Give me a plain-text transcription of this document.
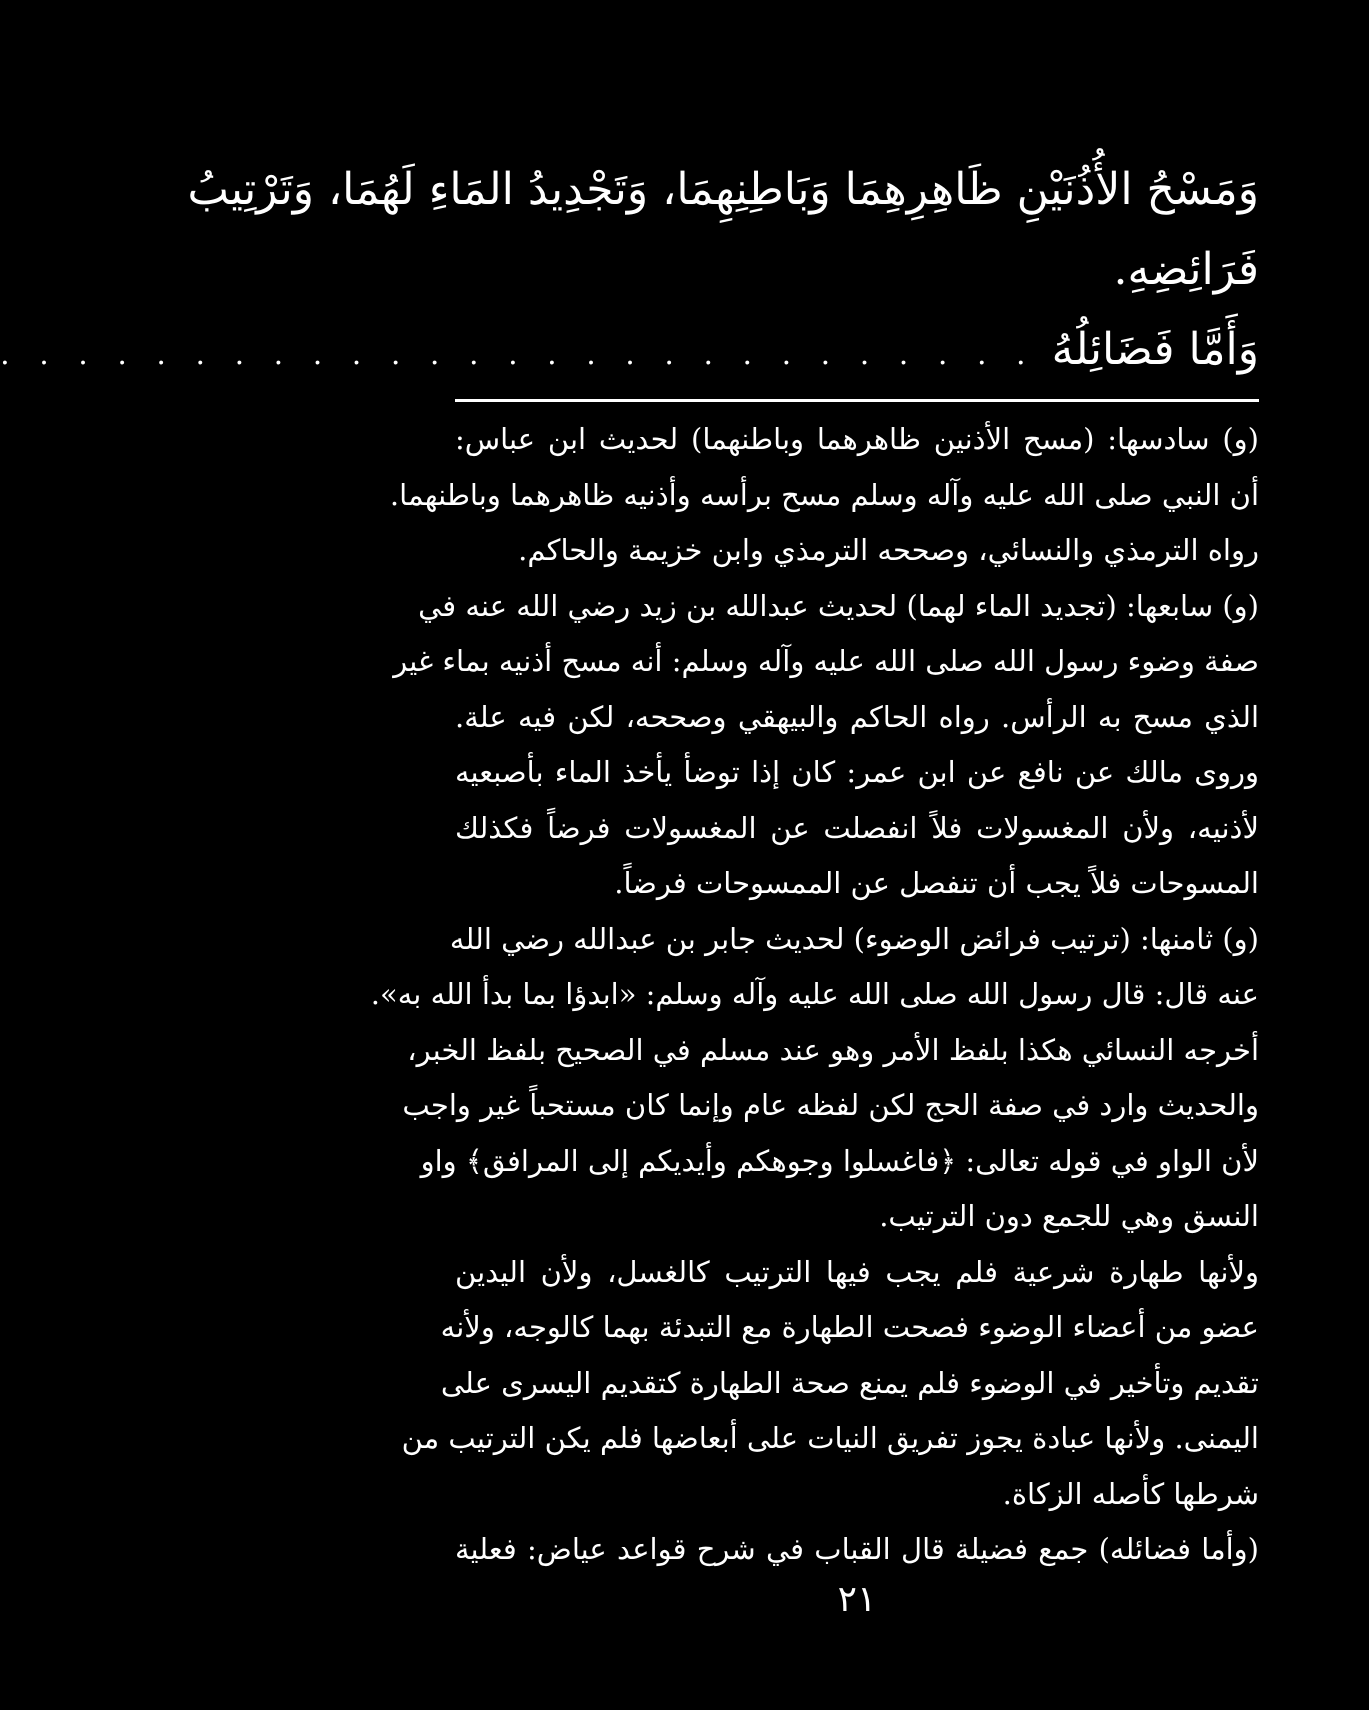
وَمَسْحُ الأُذُنَيْنِ ظَاهِرِهِمَا وَبَاطِنِهِمَا، وَتَجْدِيدُ المَاءِ لَهُمَا، وَتَرْتِيبُ
فَرَائِضِهِ.
وَأَمَّا فَضَائِلُهُ
. . . . . . . . . . . . . . . . . . . . . . . . . . .
(و) سادسها: (مسح الأذنين ظاهرهما وباطنهما) لحديث ابن عباس:
أن النبي صلى الله عليه وآله وسلم مسح برأسه وأذنيه ظاهرهما وباطنهما.
رواه الترمذي والنسائي، وصححه الترمذي وابن خزيمة والحاكم.
(و) سابعها: (تجديد الماء لهما) لحديث عبدالله بن زيد رضي الله عنه في
صفة وضوء رسول الله صلى الله عليه وآله وسلم: أنه مسح أذنيه بماء غير
الذي مسح به الرأس. رواه الحاكم والبيهقي وصححه، لكن فيه علة.
وروى مالك عن نافع عن ابن عمر: كان إذا توضأ يأخذ الماء بأصبعيه
لأذنيه، ولأن المغسولات فلاً انفصلت عن المغسولات فرضاً فكذلك
المسوحات فلاً يجب أن تنفصل عن الممسوحات فرضاً.
(و) ثامنها: (ترتيب فرائض الوضوء) لحديث جابر بن عبدالله رضي الله
عنه قال: قال رسول الله صلى الله عليه وآله وسلم: «ابدؤا بما بدأ الله به».
أخرجه النسائي هكذا بلفظ الأمر وهو عند مسلم في الصحيح بلفظ الخبر،
والحديث وارد في صفة الحج لكن لفظه عام وإنما كان مستحباً غير واجب
لأن الواو في قوله تعالى: ﴿فاغسلوا وجوهكم وأيديكم إلى المرافق﴾ واو
النسق وهي للجمع دون الترتيب.
ولأنها طهارة شرعية فلم يجب فيها الترتيب كالغسل، ولأن اليدين
عضو من أعضاء الوضوء فصحت الطهارة مع التبدئة بهما كالوجه، ولأنه
تقديم وتأخير في الوضوء فلم يمنع صحة الطهارة كتقديم اليسرى على
اليمنى. ولأنها عبادة يجوز تفريق النيات على أبعاضها فلم يكن الترتيب من
شرطها كأصله الزكاة.
(وأما فضائله) جمع فضيلة قال القباب في شرح قواعد عياض: فعلية
٢١
